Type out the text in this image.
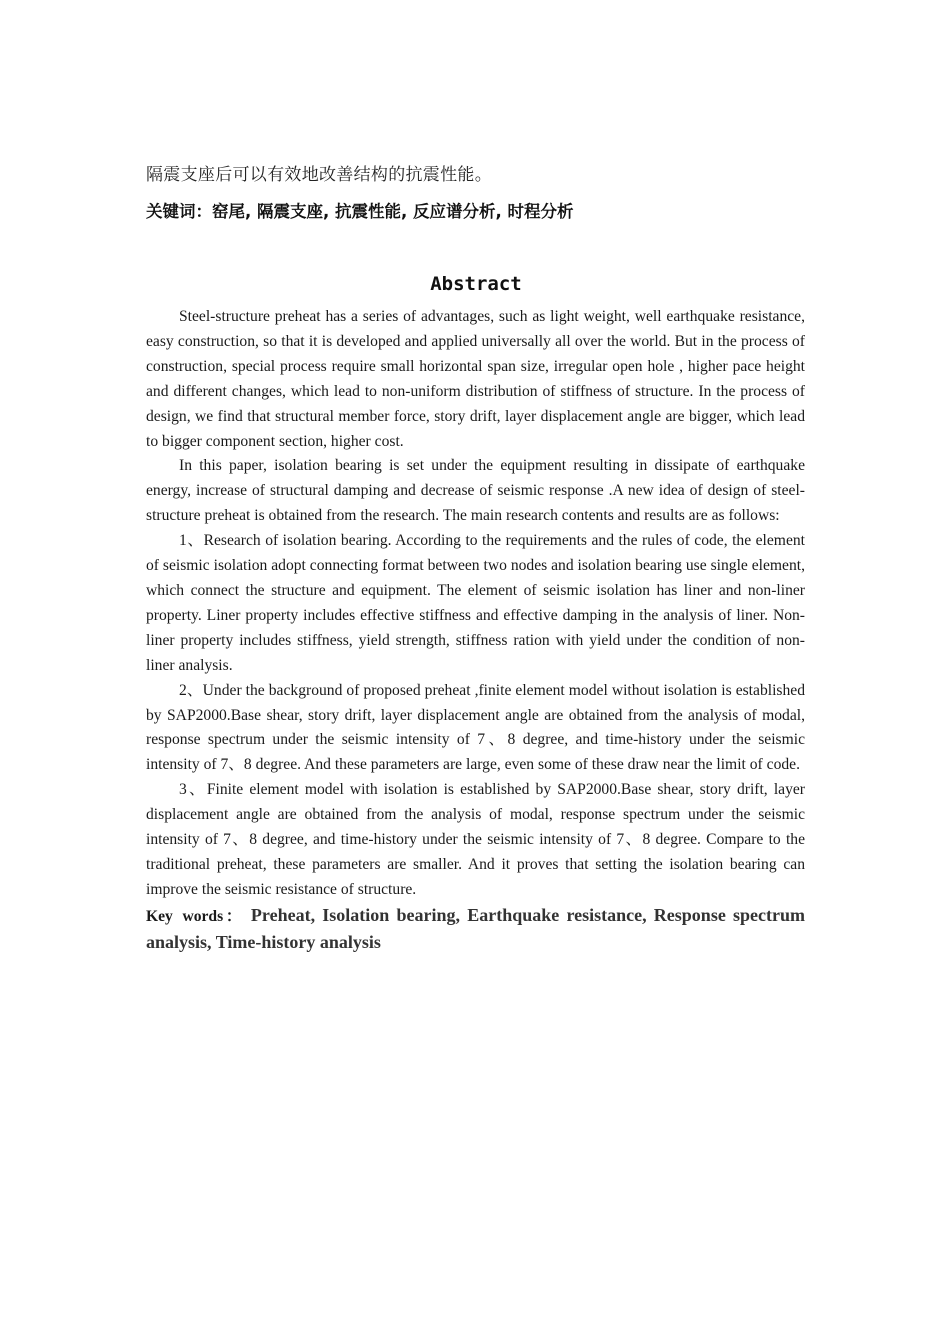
隔震支座后可以有效地改善结构的抗震性能。
关键词：窑尾, 隔震支座, 抗震性能, 反应谱分析, 时程分析
Abstract

Steel-structure preheat has a series of advantages, such as light weight, well earthquake resistance, easy construction, so that it is developed and applied universally all over the world. But in the process of construction, special process require small horizontal span size, irregular open hole , higher pace height and different changes, which lead to non-uniform distribution of stiffness of structure. In the process of design, we find that structural member force, story drift, layer displacement angle are bigger, which lead to bigger component section, higher cost.

In this paper, isolation bearing is set under the equipment resulting in dissipate of earthquake energy, increase of structural damping and decrease of seismic response .A new idea of design of steel-structure preheat is obtained from the research. The main research contents and results are as follows:

1、Research of isolation bearing. According to the requirements and the rules of code, the element of seismic isolation adopt connecting format between two nodes and isolation bearing use single element, which connect the structure and equipment. The element of seismic isolation has liner and non-liner property. Liner property includes effective stiffness and effective damping in the analysis of liner. Non-liner property includes stiffness, yield strength, stiffness ration with yield under the condition of non-liner analysis.

2、Under the background of proposed preheat ,finite element model without isolation is established by SAP2000.Base shear, story drift, layer displacement angle are obtained from the analysis of modal, response spectrum under the seismic intensity of 7、8 degree, and time-history under the seismic intensity of 7、8 degree. And these parameters are large, even some of these draw near the limit of code.

3、Finite element model with isolation is established by SAP2000.Base shear, story drift, layer displacement angle are obtained from the analysis of modal, response spectrum under the seismic intensity of 7、8 degree, and time-history under the seismic intensity of 7、8 degree. Compare to the traditional preheat, these parameters are smaller. And it proves that setting the isolation bearing can improve the seismic resistance of structure.

Key words： Preheat, Isolation bearing, Earthquake resistance, Response spectrum analysis, Time-history analysis
